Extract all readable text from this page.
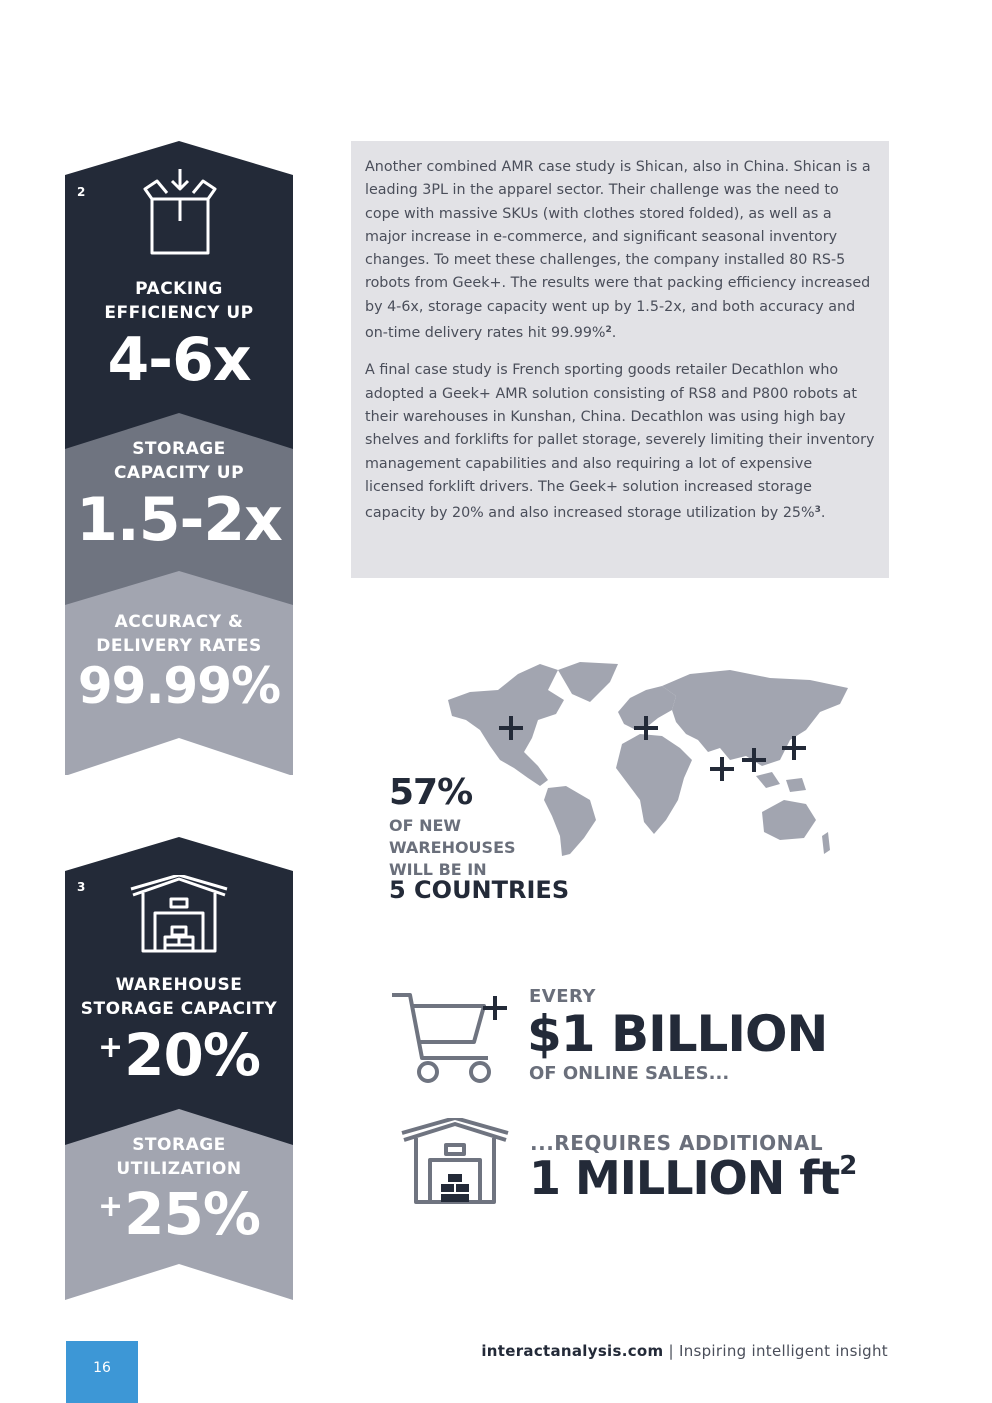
2
PACKING
EFFICIENCY UP
4-6x
STORAGE
CAPACITY UP
1.5-2x
ACCURACY &
DELIVERY RATES
99.99%
3
WAREHOUSE
STORAGE CAPACITY
+20%
STORAGE
UTILIZATION
+25%

Another combined AMR case study is Shican, also in China. Shican is a leading 3PL in the apparel sector. Their challenge was the need to cope with massive SKUs (with clothes stored folded), as well as a major increase in e-commerce, and significant seasonal inventory changes. To meet these challenges, the company installed 80 RS-5 robots from Geek+. The results were that packing efficiency increased by 4-6x, storage capacity went up by 1.5-2x, and both accuracy and on-time delivery rates hit 99.99%$^2$.

A final case study is French sporting goods retailer Decathlon who adopted a Geek+ AMR solution consisting of RS8 and P800 robots at their warehouses in Kunshan, China. Decathlon was using high bay shelves and forklifts for pallet storage, severely limiting their inventory management capabilities and also requiring a lot of expensive licensed forklift drivers. The Geek+ solution increased storage capacity by 20% and also increased storage utilization by 25%$^3$.

57%
OF NEW
WAREHOUSES
WILL BE IN
5 COUNTRIES
EVERY
$1 BILLION
OF ONLINE SALES...
...REQUIRES ADDITIONAL
1 MILLION $ft^2$
16
interactanalysis.com | Inspiring intelligent insight
